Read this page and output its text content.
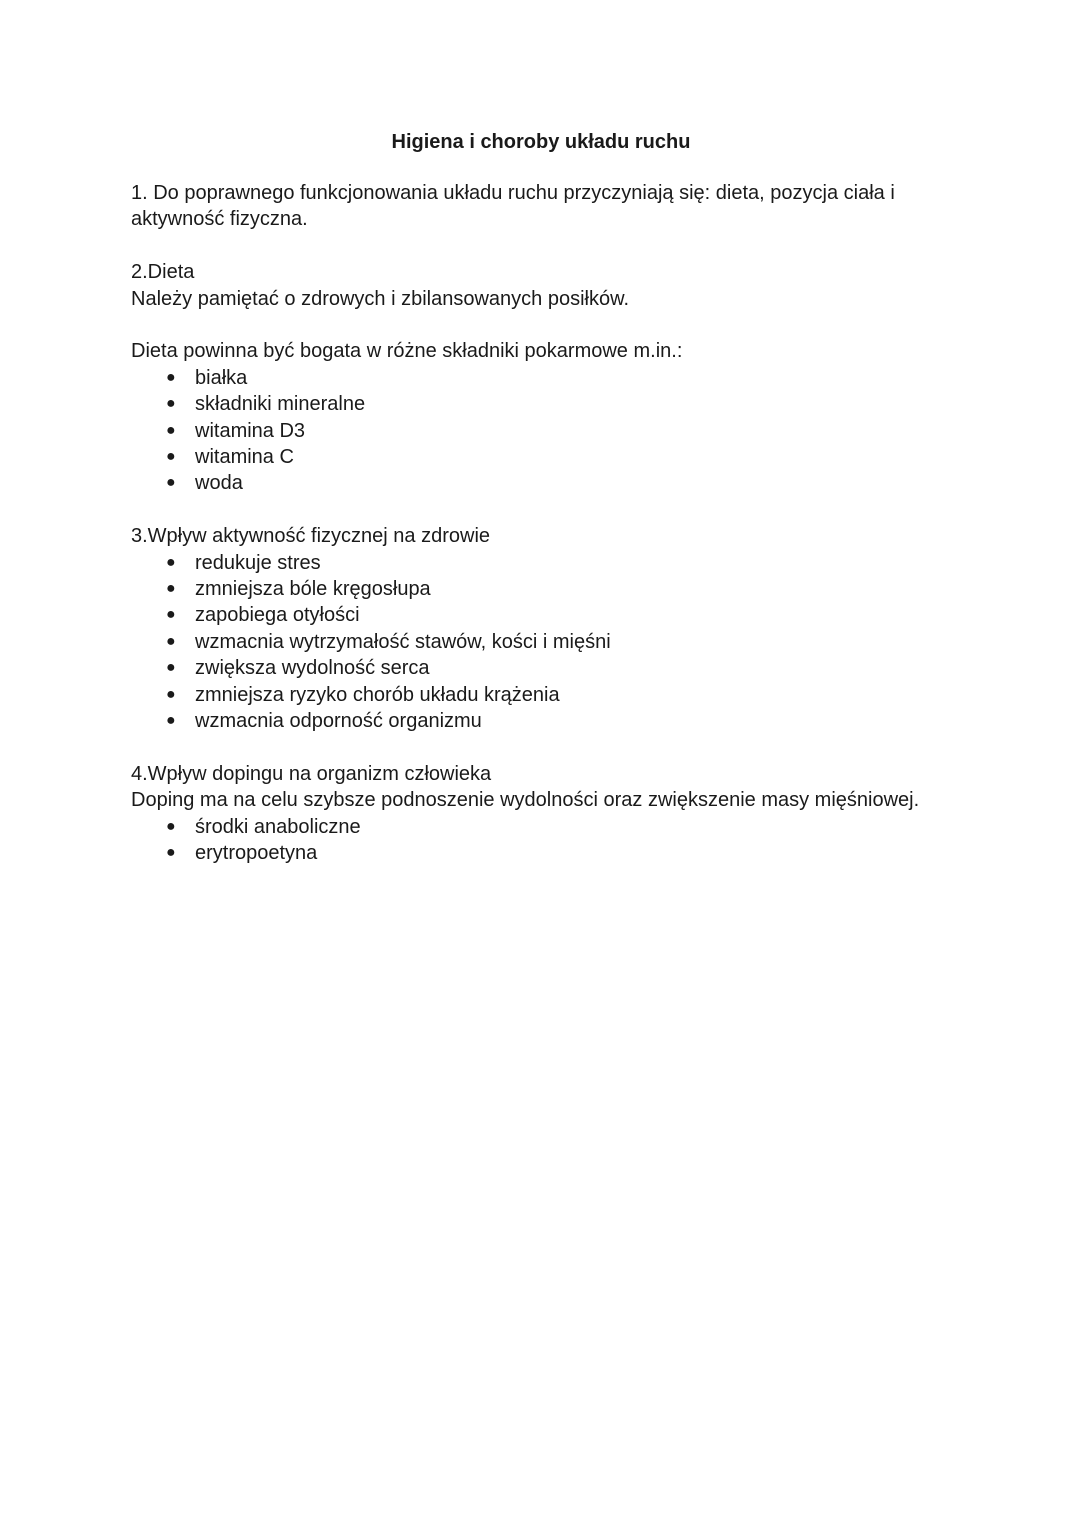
Higiena i choroby układu ruchu

1. Do poprawnego funkcjonowania układu ruchu przyczyniają się: dieta, pozycja ciała i

aktywność fizyczna.

2.Dieta

Należy pamiętać o zdrowych i zbilansowanych posiłków.

Dieta powinna być bogata w różne składniki pokarmowe m.in.:

● białka
● składniki mineralne
● witamina D3
● witamina C
● woda

3.Wpływ aktywność fizycznej na zdrowie

● redukuje stres
● zmniejsza bóle kręgosłupa
● zapobiega otyłości
● wzmacnia wytrzymałość stawów, kości i mięśni
● zwiększa wydolność serca
● zmniejsza ryzyko chorób układu krążenia
● wzmacnia odporność organizmu

4.Wpływ dopingu na organizm człowieka

Doping ma na celu szybsze podnoszenie wydolności oraz zwiększenie masy mięśniowej.

● środki anaboliczne
● erytropoetyna
